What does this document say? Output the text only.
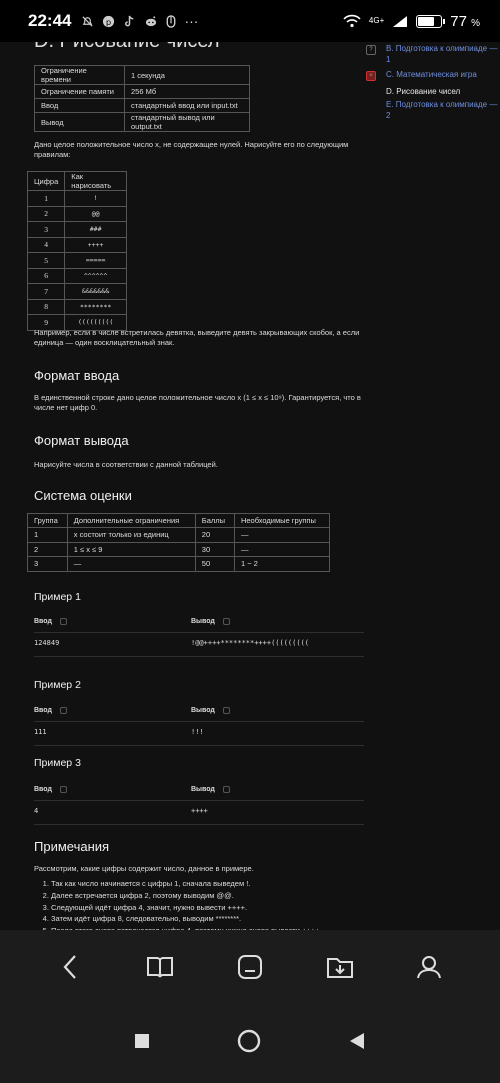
22:44	p	···	4G+	77 %
Ограничение времени	1 секунда
Ограничение памяти	256 Мб
Ввод	стандартный ввод или input.txt
Вывод	стандартный вывод или output.txt
Дано целое положительное число x, не содержащее нулей. Нарисуйте его по следующим правилам:
Цифра	Как нарисовать
1	!
2	@@
3	###
4	++++
5	=====
6	^^^^^^
7	&&&&&&&
8	********
9	(((((((((
Например, если в числе встретилась девятка, выведите девять закрывающих скобок, а если единица — один восклицательный знак.
Формат ввода
В единственной строке дано целое положительное число x (1 ≤ x ≤ 10⁹). Гарантируется, что в числе нет цифр 0.
Формат вывода
Нарисуйте числа в соответствии с данной таблицей.
Система оценки
Группа	Дополнительные ограничения	Баллы	Необходимые группы
1	x состоит только из единиц	20	—
2	1 ≤ x ≤ 9	30	—
3	—	50	1 − 2
Пример 1
Ввод	Вывод
124849	!@@++++********++++(((((((((
Пример 2
Ввод	Вывод
111	!!!
Пример 3
Ввод	Вывод
4	++++
Примечания
Рассмотрим, какие цифры содержит число, данное в примере.
1. Так как число начинается с цифры 1, сначала выведем !.
2. Далее встречается цифра 2, поэтому выводим @@.
3. Следующей идёт цифра 4, значит, нужно вывести ++++.
4. Затем идёт цифра 8, следовательно, выводим ********.
5.
6.
?	B. Подготовка к олимпиаде — 1
×	C. Математическая игра
D. Рисование чисел
E. Подготовка к олимпиаде — 2
